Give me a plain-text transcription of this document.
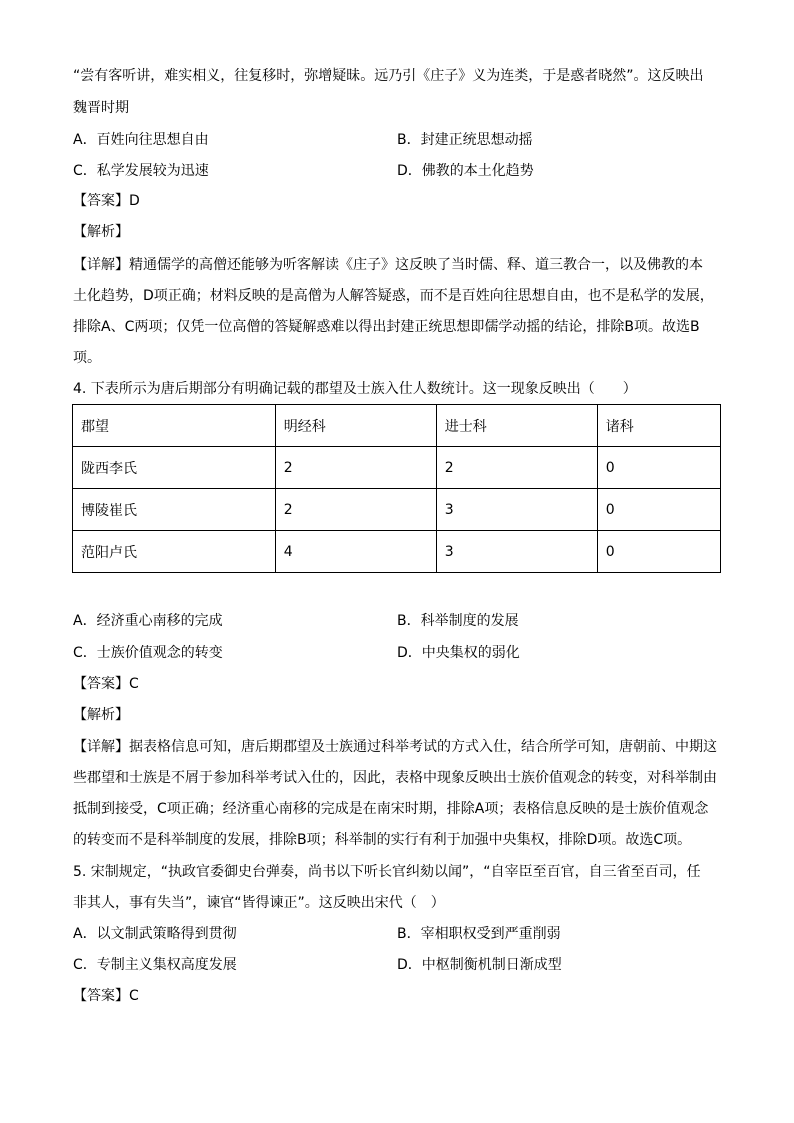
“尝有客听讲，难实相义，往复移时，弥增疑昧。远乃引《庄子》义为连类，于是惑者晓然”。这反映出
魏晋时期
A．百姓向往思想自由	B．封建正统思想动摇
C．私学发展较为迅速	D．佛教的本土化趋势
【答案】D
【解析】
【详解】精通儒学的高僧还能够为听客解读《庄子》这反映了当时儒、释、道三教合一，以及佛教的本
土化趋势，D项正确；材料反映的是高僧为人解答疑惑，而不是百姓向往思想自由，也不是私学的发展，
排除A、C两项；仅凭一位高僧的答疑解惑难以得出封建正统思想即儒学动摇的结论，排除B项。故选B
项。
4. 下表所示为唐后期部分有明确记载的郡望及士族入仕人数统计。这一现象反映出（　　）
郡望	明经科	进士科	诸科
陇西李氏	2	2	0
博陵崔氏	2	3	0
范阳卢氏	4	3	0
A．经济重心南移的完成	B．科举制度的发展
C．士族价值观念的转变	D．中央集权的弱化
【答案】C
【解析】
【详解】据表格信息可知，唐后期郡望及士族通过科举考试的方式入仕，结合所学可知，唐朝前、中期这
些郡望和士族是不屑于参加科举考试入仕的，因此，表格中现象反映出士族价值观念的转变，对科举制由
抵制到接受，C项正确；经济重心南移的完成是在南宋时期，排除A项；表格信息反映的是士族价值观念
的转变而不是科举制度的发展，排除B项；科举制的实行有利于加强中央集权，排除D项。故选C项。
5. 宋制规定，“执政官委御史台弹奏，尚书以下听长官纠劾以闻”，“自宰臣至百官，自三省至百司，任
非其人，事有失当”，谏官“皆得谏正”。这反映出宋代（　）
A．以文制武策略得到贯彻	B．宰相职权受到严重削弱
C．专制主义集权高度发展	D．中枢制衡机制日渐成型
【答案】C
